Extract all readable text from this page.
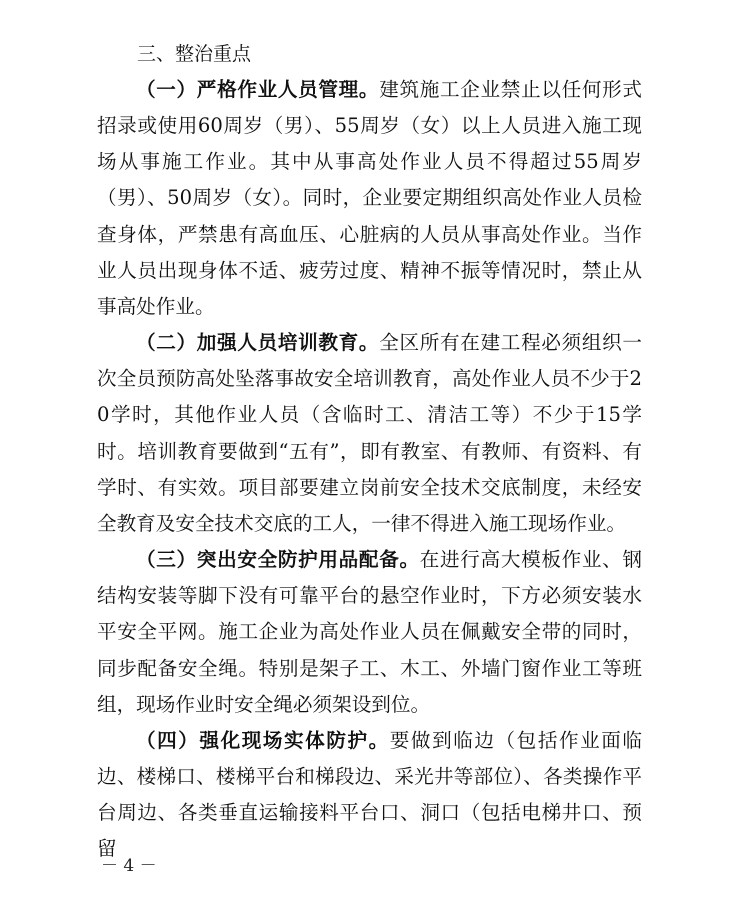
三、整治重点

（一）严格作业人员管理。建筑施工企业禁止以任何形式招录或使用60周岁（男）、55周岁（女）以上人员进入施工现场从事施工作业。其中从事高处作业人员不得超过55周岁（男）、50周岁（女）。同时，企业要定期组织高处作业人员检查身体，严禁患有高血压、心脏病的人员从事高处作业。当作业人员出现身体不适、疲劳过度、精神不振等情况时，禁止从事高处作业。

（二）加强人员培训教育。全区所有在建工程必须组织一次全员预防高处坠落事故安全培训教育，高处作业人员不少于20学时，其他作业人员（含临时工、清洁工等）不少于15学时。培训教育要做到“五有”，即有教室、有教师、有资料、有学时、有实效。项目部要建立岗前安全技术交底制度，未经安全教育及安全技术交底的工人，一律不得进入施工现场作业。

（三）突出安全防护用品配备。在进行高大模板作业、钢结构安装等脚下没有可靠平台的悬空作业时，下方必须安装水平安全平网。施工企业为高处作业人员在佩戴安全带的同时，同步配备安全绳。特别是架子工、木工、外墙门窗作业工等班组，现场作业时安全绳必须架设到位。

（四）强化现场实体防护。要做到临边（包括作业面临边、楼梯口、楼梯平台和梯段边、采光井等部位）、各类操作平台周边、各类垂直运输接料平台口、洞口（包括电梯井口、预留

－ 4 －
